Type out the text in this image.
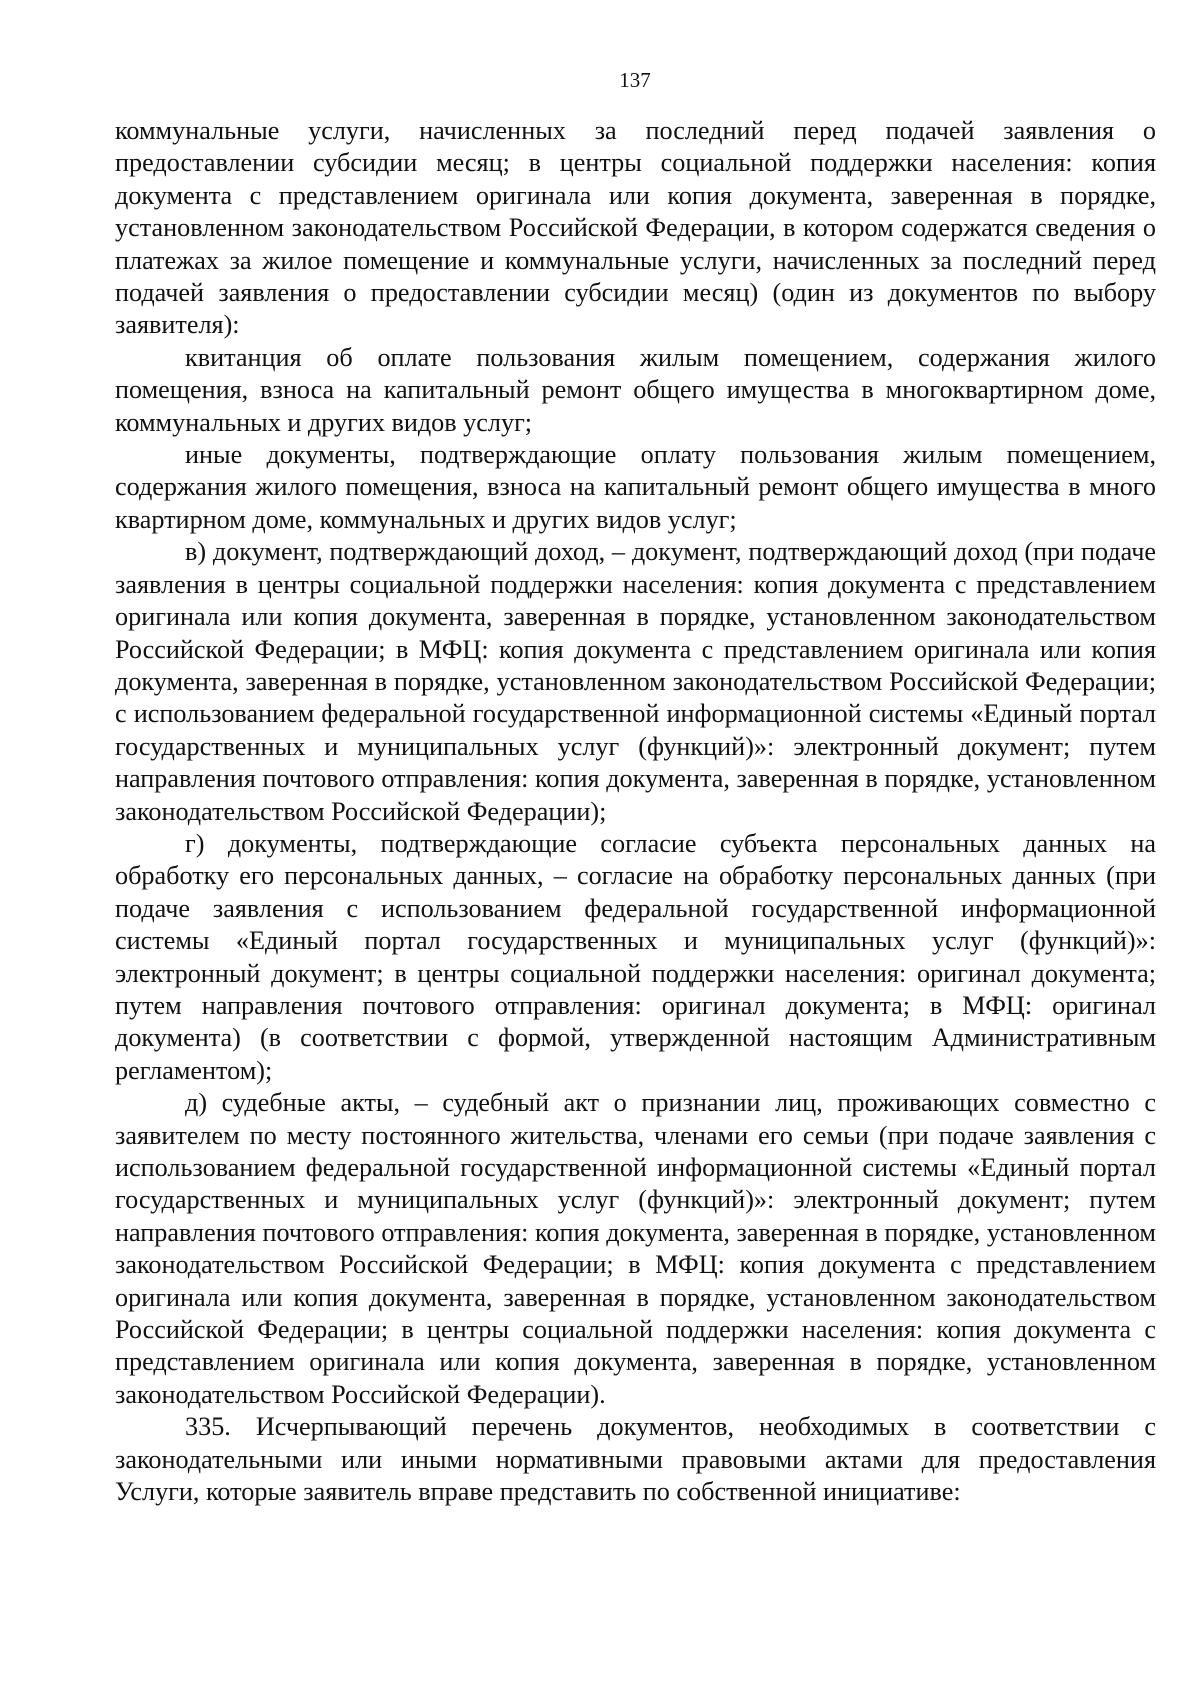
137

коммунальные услуги, начисленных за последний перед подачей заявления о предоставлении субсидии месяц; в центры социальной поддержки населения: копия документа с представлением оригинала или копия документа, заверенная в порядке, установленном законодательством Российской Федерации, в котором содержатся сведения о платежах за жилое помещение и коммунальные услуги, начисленных за последний перед подачей заявления о предоставлении субсидии месяц) (один из документов по выбору заявителя):

квитанция об оплате пользования жилым помещением, содержания жилого помещения, взноса на капитальный ремонт общего имущества в многоквартирном доме, коммунальных и других видов услуг;

иные документы, подтверждающие оплату пользования жилым помещением, содержания жилого помещения, взноса на капитальный ремонт общего имущества в много квартирном доме, коммунальных и других видов услуг;

в) документ, подтверждающий доход, – документ, подтверждающий доход (при подаче заявления в центры социальной поддержки населения: копия документа с представлением оригинала или копия документа, заверенная в порядке, установленном законодательством Российской Федерации; в МФЦ: копия документа с представлением оригинала или копия документа, заверенная в порядке, установленном законодательством Российской Федерации; с использованием федеральной государственной информационной системы «Единый портал государственных и муниципальных услуг (функций)»: электронный документ; путем направления почтового отправления: копия документа, заверенная в порядке, установленном законодательством Российской Федерации);

г) документы, подтверждающие согласие субъекта персональных данных на обработку его персональных данных, – согласие на обработку персональных данных (при подаче заявления с использованием федеральной государственной информационной системы «Единый портал государственных и муниципальных услуг (функций)»: электронный документ; в центры социальной поддержки населения: оригинал документа; путем направления почтового отправления: оригинал документа; в МФЦ: оригинал документа) (в соответствии с формой, утвержденной настоящим Административным регламентом);

д) судебные акты, – судебный акт о признании лиц, проживающих совместно с заявителем по месту постоянного жительства, членами его семьи (при подаче заявления с использованием федеральной государственной информационной системы «Единый портал государственных и муниципальных услуг (функций)»: электронный документ; путем направления почтового отправления: копия документа, заверенная в порядке, установленном законодательством Российской Федерации; в МФЦ: копия документа с представлением оригинала или копия документа, заверенная в порядке, установленном законодательством Российской Федерации; в центры социальной поддержки населения: копия документа с представлением оригинала или копия документа, заверенная в порядке, установленном законодательством Российской Федерации).

335. Исчерпывающий перечень документов, необходимых в соответствии с законодательными или иными нормативными правовыми актами для предоставления Услуги, которые заявитель вправе представить по собственной инициативе:
